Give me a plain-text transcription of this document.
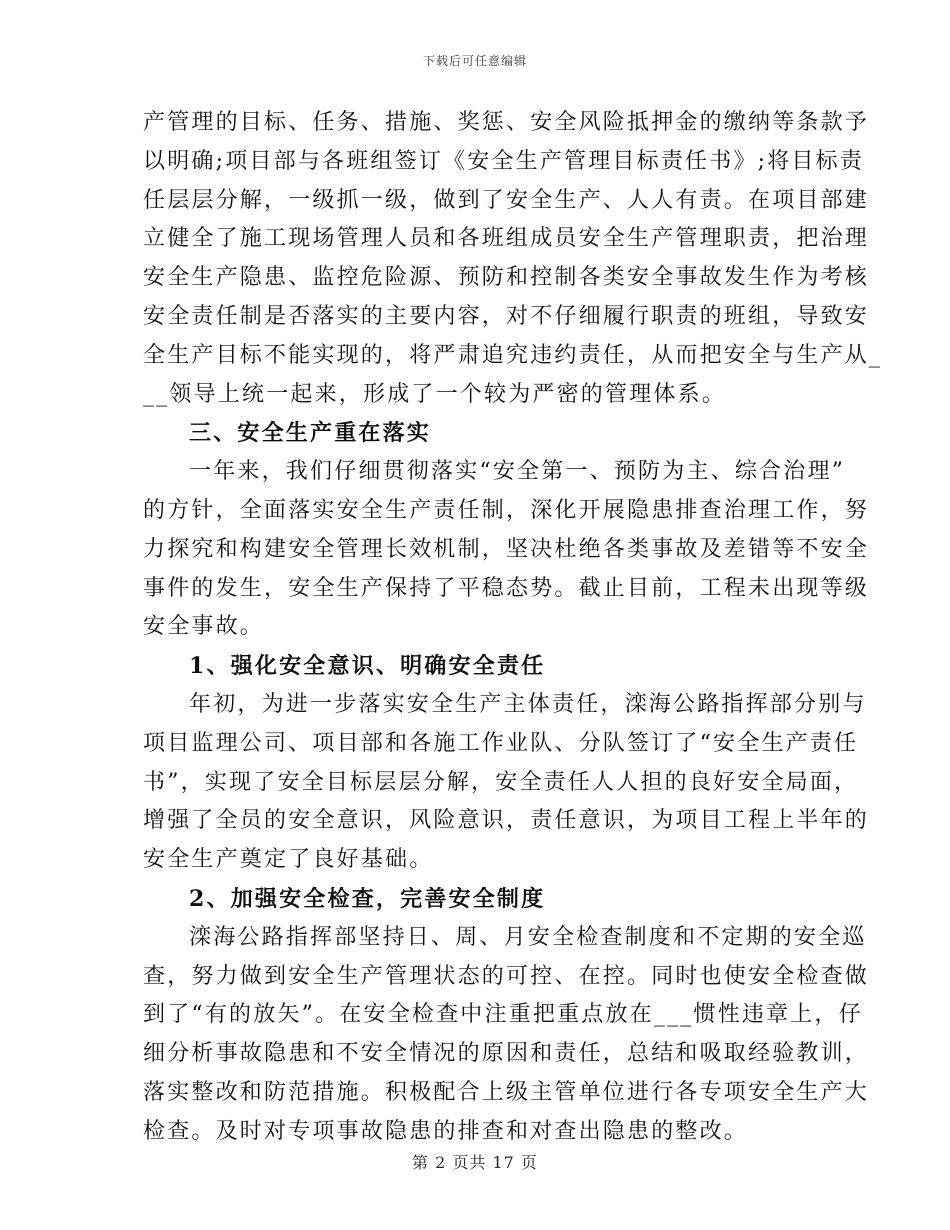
下载后可任意编辑
产管理的目标、任务、措施、奖惩、安全风险抵押金的缴纳等条款予
以明确;项目部与各班组签订《安全生产管理目标责任书》;将目标责
任层层分解，一级抓一级，做到了安全生产、人人有责。在项目部建
立健全了施工现场管理人员和各班组成员安全生产管理职责，把治理
安全生产隐患、监控危险源、预防和控制各类安全事故发生作为考核
安全责任制是否落实的主要内容，对不仔细履行职责的班组，导致安
全生产目标不能实现的，将严肃追究违约责任，从而把安全与生产从_
__领导上统一起来，形成了一个较为严密的管理体系。
三、安全生产重在落实
一年来，我们仔细贯彻落实“安全第一、预防为主、综合治理”
的方针，全面落实安全生产责任制，深化开展隐患排查治理工作，努
力探究和构建安全管理长效机制，坚决杜绝各类事故及差错等不安全
事件的发生，安全生产保持了平稳态势。截止目前，工程未出现等级
安全事故。
1、强化安全意识、明确安全责任
年初，为进一步落实安全生产主体责任，滦海公路指挥部分别与
项目监理公司、项目部和各施工作业队、分队签订了“安全生产责任
书”，实现了安全目标层层分解，安全责任人人担的良好安全局面，
增强了全员的安全意识，风险意识，责任意识，为项目工程上半年的
安全生产奠定了良好基础。
2、加强安全检查，完善安全制度
滦海公路指挥部坚持日、周、月安全检查制度和不定期的安全巡
查，努力做到安全生产管理状态的可控、在控。同时也使安全检查做
到了“有的放矢”。在安全检查中注重把重点放在___惯性违章上，仔
细分析事故隐患和不安全情况的原因和责任，总结和吸取经验教训，
落实整改和防范措施。积极配合上级主管单位进行各专项安全生产大
检查。及时对专项事故隐患的排查和对查出隐患的整改。
第 2 页共 17 页
